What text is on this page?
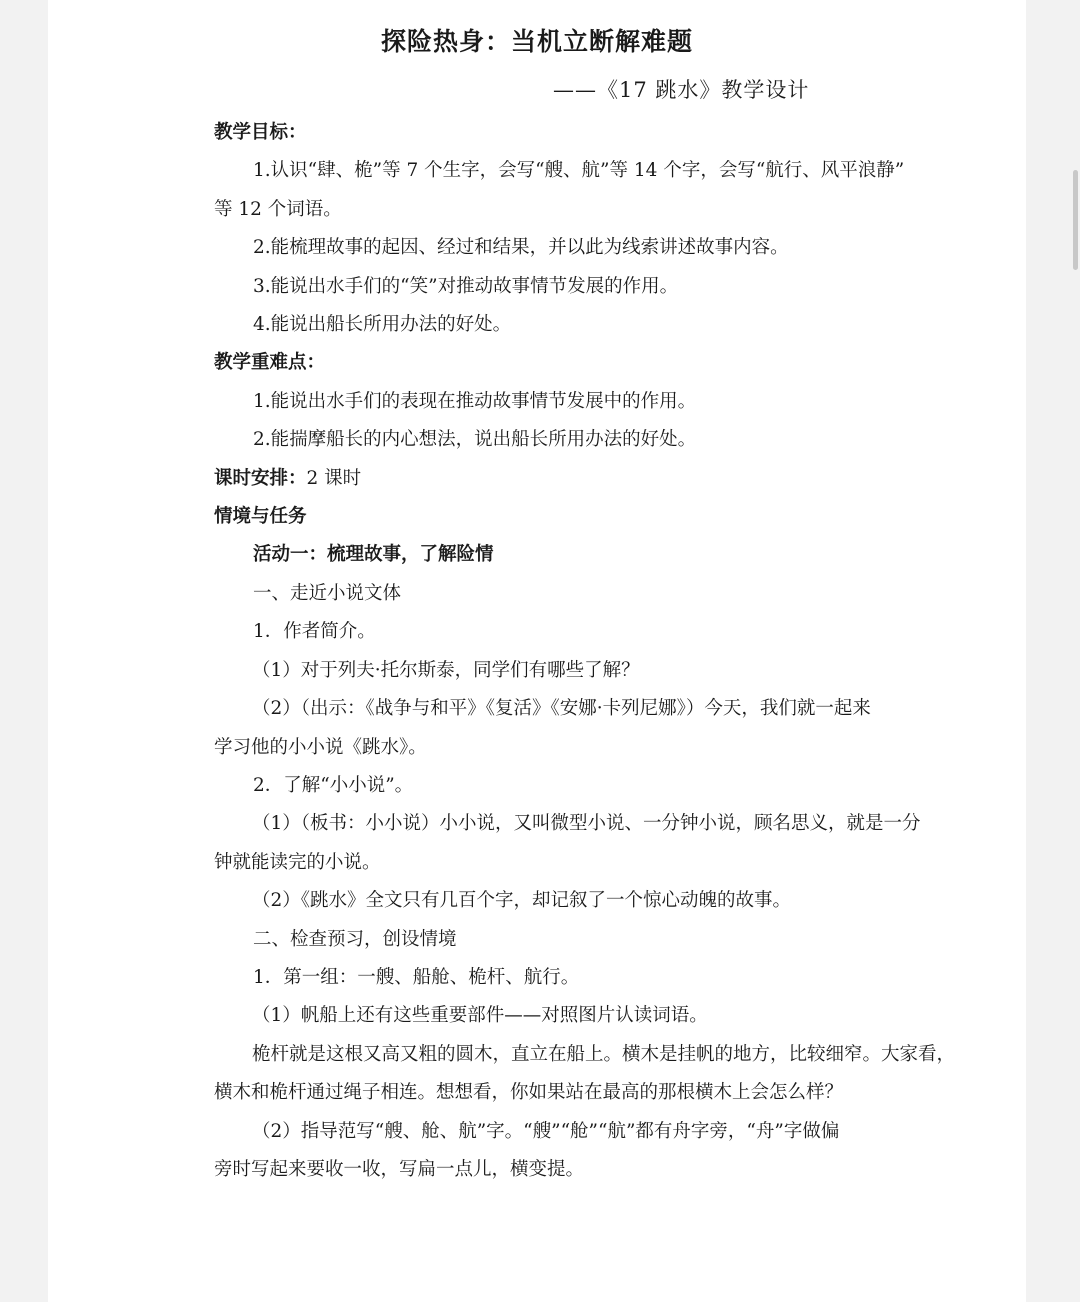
探险热身：当机立断解难题
——《17 跳水》教学设计
教学目标：
1.认识“肆、桅”等 7 个生字，会写“艘、航”等 14 个字，会写“航行、风平浪静”
等 12 个词语。
2.能梳理故事的起因、经过和结果，并以此为线索讲述故事内容。
3.能说出水手们的“笑”对推动故事情节发展的作用。
4.能说出船长所用办法的好处。
教学重难点：
1.能说出水手们的表现在推动故事情节发展中的作用。
2.能揣摩船长的内心想法，说出船长所用办法的好处。
课时安排：2 课时
情境与任务
活动一：梳理故事，了解险情
一、走近小说文体
1．作者简介。
（1）对于列夫·托尔斯泰，同学们有哪些了解？
（2）（出示：《战争与和平》《复活》《安娜·卡列尼娜》）今天，我们就一起来
学习他的小小说《跳水》。
2．了解“小小说”。
（1）（板书：小小说）小小说，又叫微型小说、一分钟小说，顾名思义，就是一分
钟就能读完的小说。
（2）《跳水》全文只有几百个字，却记叙了一个惊心动魄的故事。
二、检查预习，创设情境
1．第一组：一艘、船舱、桅杆、航行。
（1）帆船上还有这些重要部件——对照图片认读词语。
桅杆就是这根又高又粗的圆木，直立在船上。横木是挂帆的地方，比较细窄。大家看，
横木和桅杆通过绳子相连。想想看，你如果站在最高的那根横木上会怎么样？
（2）指导范写“艘、舱、航”字。“艘”“舱”“航”都有舟字旁，“舟”字做偏
旁时写起来要收一收，写扁一点儿，横变提。
